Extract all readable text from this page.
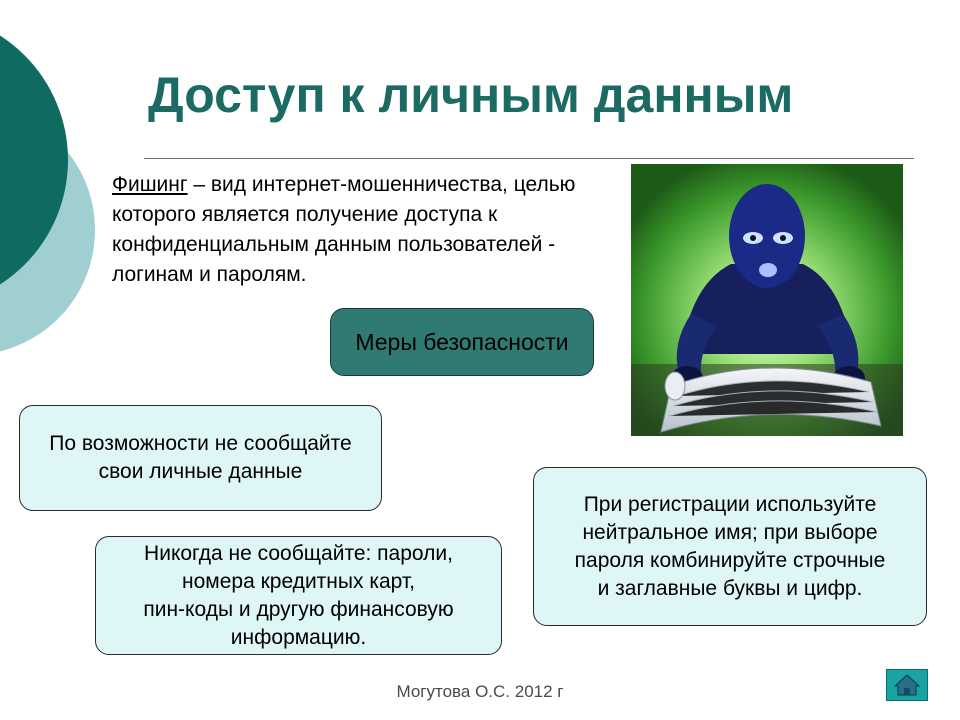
Доступ к личным данным
Фишинг – вид интернет-мошенничества, целью которого является получение доступа к конфиденциальным данным пользователей - логинам и паролям.
Меры безопасности
По возможности не сообщайте
свои личные данные
Никогда не сообщайте: пароли,
номера кредитных карт,
пин-коды и другую финансовую
информацию.
При регистрации используйте
нейтральное имя; при выборе
пароля комбинируйте строчные
и заглавные буквы и цифр.
Могутова О.С. 2012 г
